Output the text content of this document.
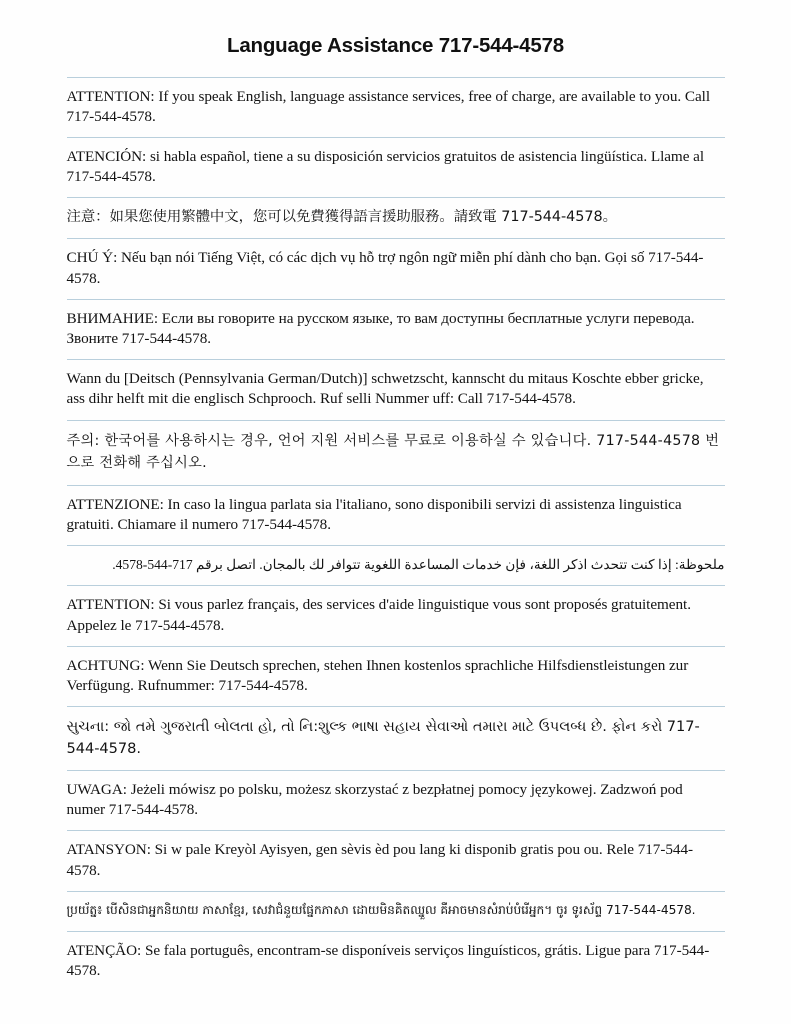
Language Assistance 717-544-4578

ATTENTION: If you speak English, language assistance services, free of charge, are available to you. Call 717-544-4578.

ATENCIÓN: si habla español, tiene a su disposición servicios gratuitos de asistencia lingüística. Llame al 717-544-4578.

注意：如果您使用繁體中文，您可以免費獲得語言援助服務。請致電 717-544-4578。

CHÚ Ý: Nếu bạn nói Tiếng Việt, có các dịch vụ hỗ trợ ngôn ngữ miễn phí dành cho bạn. Gọi số 717-544-4578.

ВНИМАНИЕ: Если вы говорите на русском языке, то вам доступны бесплатные услуги перевода. Звоните 717-544-4578.

Wann du [Deitsch (Pennsylvania German/Dutch)] schwetzscht, kannscht du mitaus Koschte ebber gricke, ass dihr helft mit die englisch Schprooch. Ruf selli Nummer uff: Call 717-544-4578.

주의: 한국어를 사용하시는 경우, 언어 지원 서비스를 무료로 이용하실 수 있습니다. 717-544-4578 번으로 전화해 주십시오.

ATTENZIONE: In caso la lingua parlata sia l'italiano, sono disponibili servizi di assistenza linguistica gratuiti. Chiamare il numero 717-544-4578.

ملحوظة: إذا كنت تتحدث اذكر اللغة، فإن خدمات المساعدة اللغوية تتوافر لك بالمجان. اتصل برقم 717-544-4578.

ATTENTION: Si vous parlez français, des services d'aide linguistique vous sont proposés gratuitement. Appelez le 717-544-4578.

ACHTUNG: Wenn Sie Deutsch sprechen, stehen Ihnen kostenlos sprachliche Hilfsdienstleistungen zur Verfügung. Rufnummer: 717-544-4578.

સુચના: જો તમે ગુજરાતી બોલતા હો, તો નિ:શુલ્ક ભાષા સહાય સેવાઓ તમારા માટે ઉપલબ્ધ છે. ફોન કરો 717-544-4578.

UWAGA: Jeżeli mówisz po polsku, możesz skorzystać z bezpłatnej pomocy językowej. Zadzwoń pod numer 717-544-4578.

ATANSYON: Si w pale Kreyòl Ayisyen, gen sèvis èd pou lang ki disponib gratis pou ou. Rele 717-544-4578.

ប្រយ័ត្ន៖ បើសិនជាអ្នកនិយាយ ភាសាខ្មែរ, សេវាជំនួយផ្នែកភាសា ដោយមិនគិតឈ្នួល គឺអាចមានសំរាប់បំរើអ្នក។ ចូរ ទូរស័ព្ទ 717-544-4578.

ATENÇÃO: Se fala português, encontram-se disponíveis serviços linguísticos, grátis. Ligue para 717-544-4578.
